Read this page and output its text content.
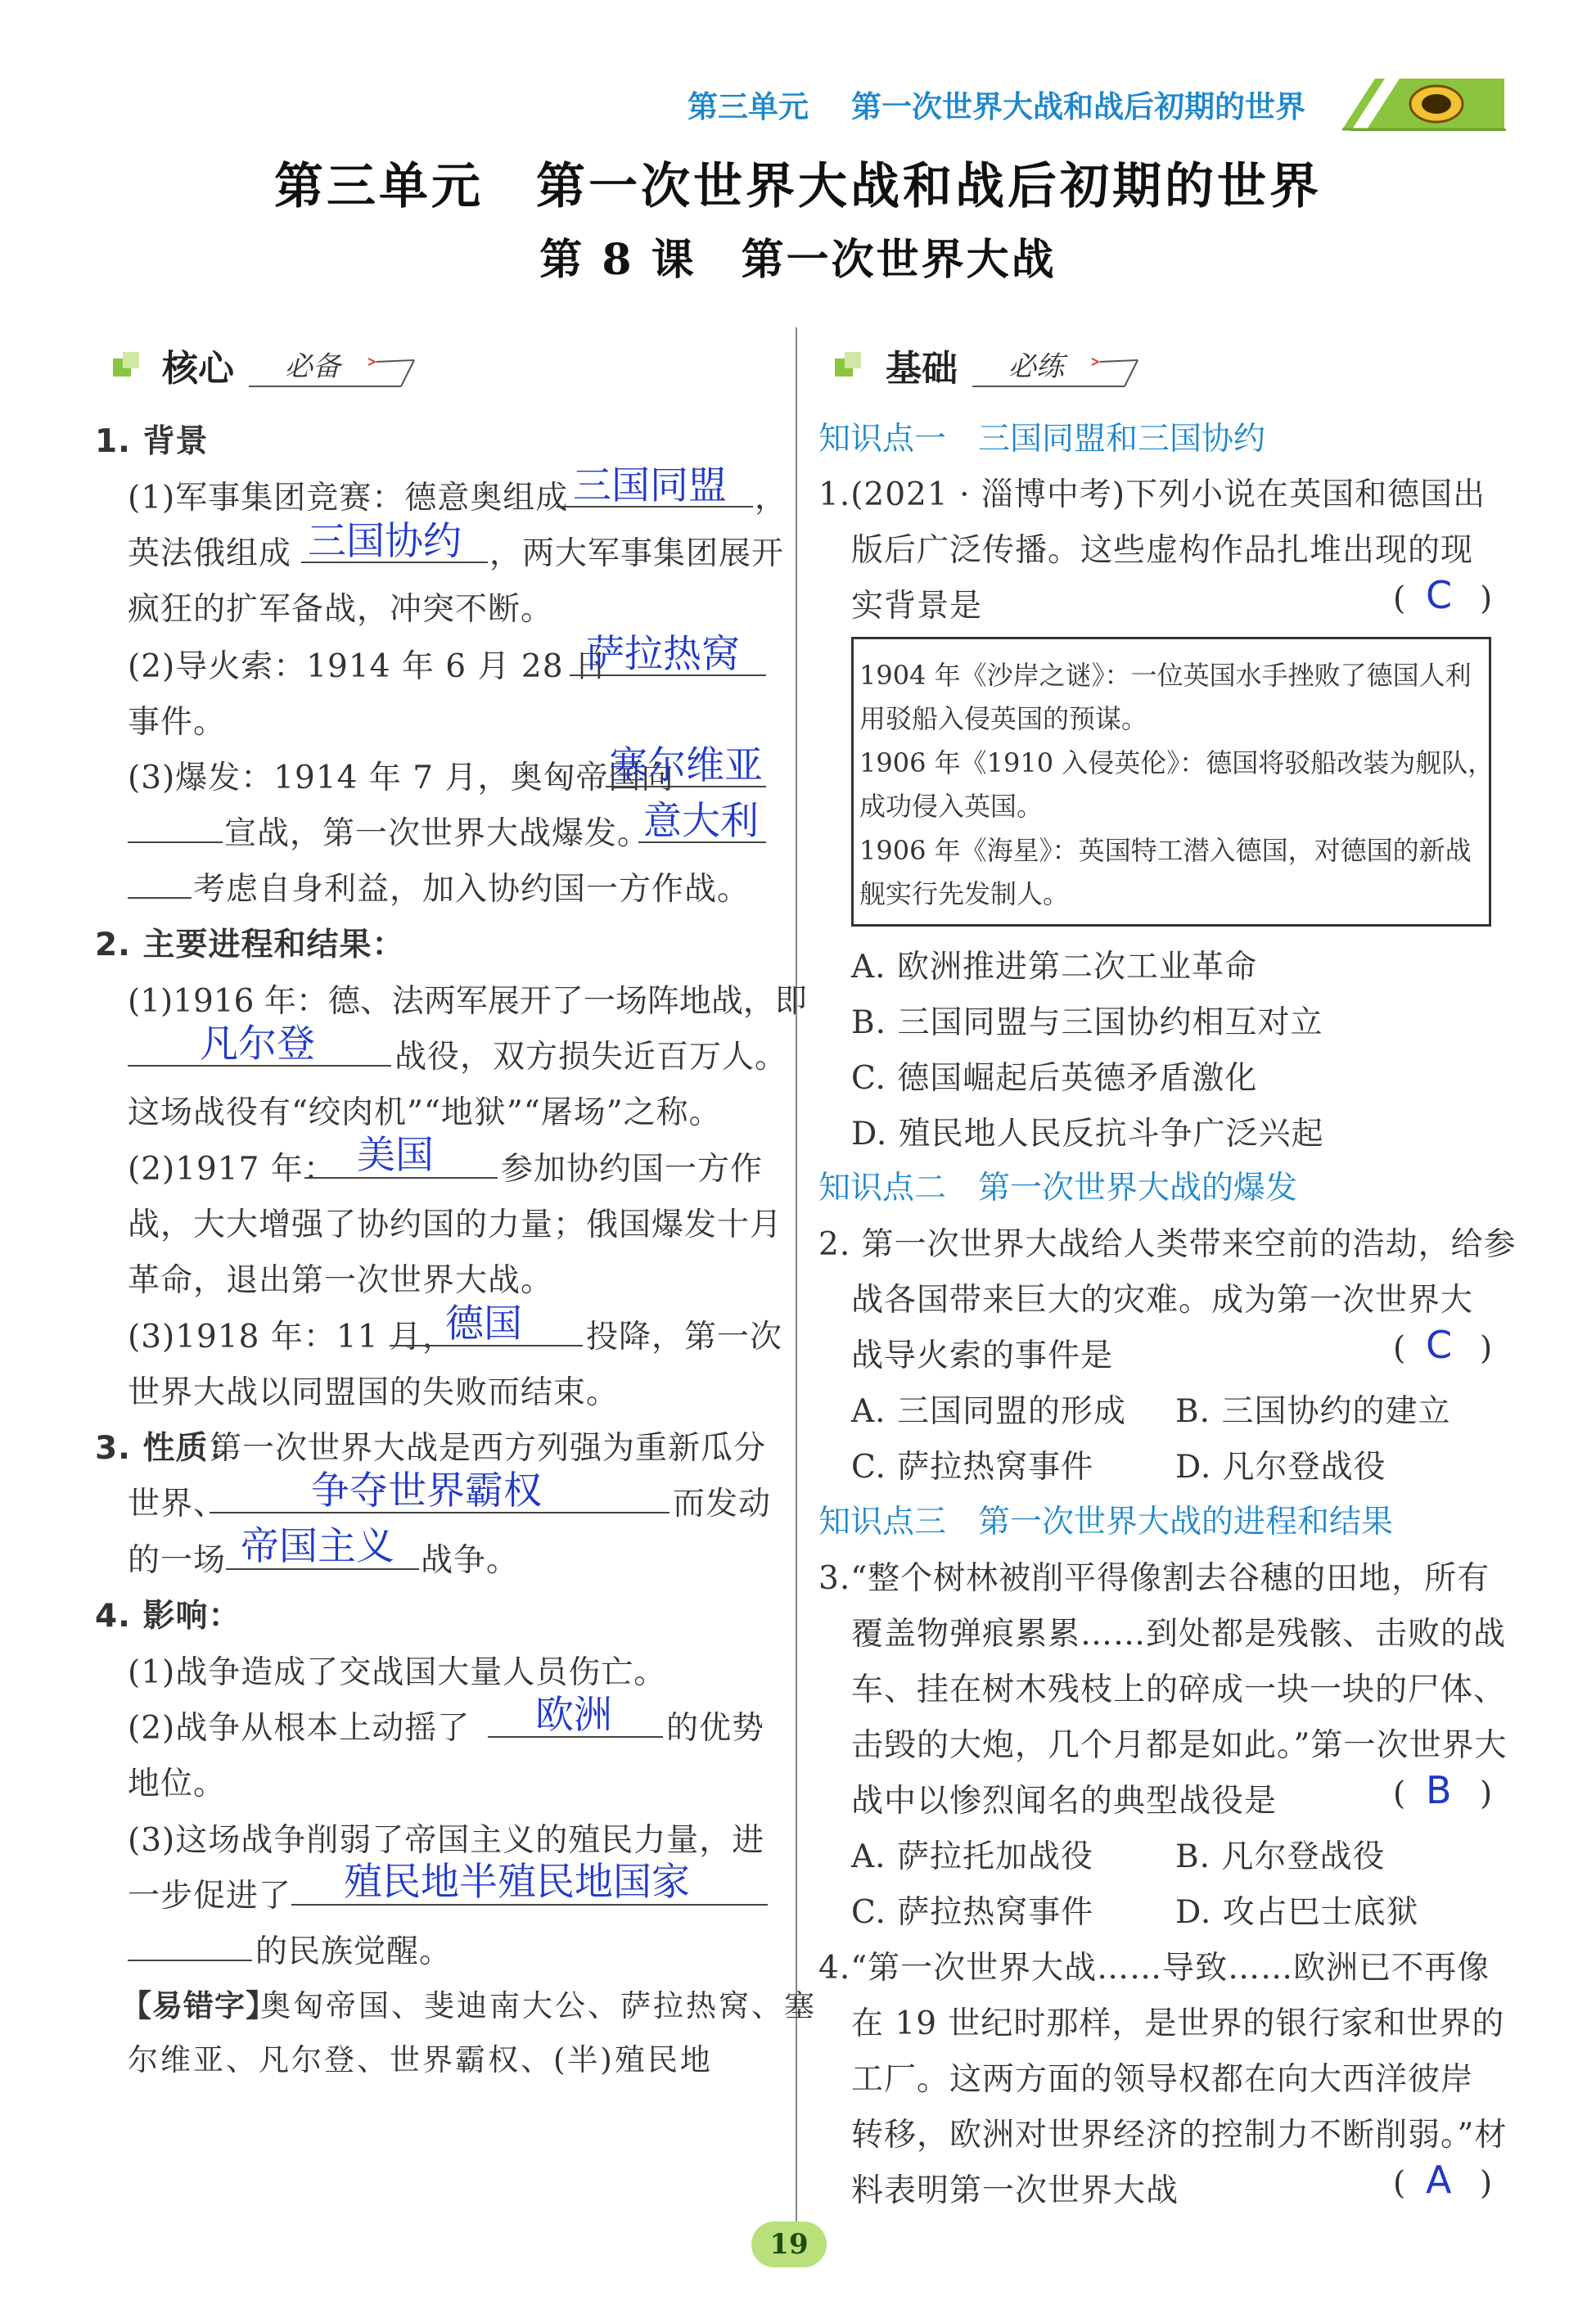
第三单元 第一次世界大战和战后初期的世界
第三单元　第一次世界大战和战后初期的世界
第 8 课　第一次世界大战
核心 必备
1. 背景
(1)军事集团竞赛：德意奥组成 三国同盟 ，
英法俄组成 三国协约 ，两大军事集团展开
疯狂的扩军备战，冲突不断。
(2)导火索：1914 年 6 月 28 日
萨拉热窝
事件。
(3)爆发：1914 年 7 月，奥匈帝国向
塞尔维亚
宣战，第一次世界大战爆发。
意大利
考虑自身利益，加入协约国一方作战。
2. 主要进程和结果：
(1)1916 年：德、法两军展开了一场阵地战，即
凡尔登 战役，双方损失近百万人。
这场战役有“绞肉机”“地狱”“屠场”之称。
(2)1917 年： 美国 参加协约国一方作
战，大大增强了协约国的力量；俄国爆发十月
革命，退出第一次世界大战。
(3)1918 年：11 月，
德国 投降，第一次
世界大战以同盟国的失败而结束。
3. 性质：
第一次世界大战是西方列强为重新瓜分
世界、 争夺世界霸权	而发动
的一场 帝国主义 战争。
4. 影响：
(1)战争造成了交战国大量人员伤亡。
(2)战争从根本上动摇了 欧洲 的优势
地位。
(3)这场战争削弱了帝国主义的殖民力量，进
一步促进了 殖民地半殖民地国家
的民族觉醒。
【易错字】
奥匈帝国、斐迪南大公、萨拉热窝、塞
尔维亚、凡尔登、世界霸权、(半)殖民地
基础 必练
知识点一　三国同盟和三国协约
1.(2021 · 淄博中考)下列小说在英国和德国出
版后广泛传播。这些虚构作品扎堆出现的现
实背景是	( C )
1904 年《沙岸之谜》：一位英国水手挫败了德国人利
用驳船入侵英国的预谋。
1906 年《1910 入侵英伦》：德国将驳船改装为舰队，
成功侵入英国。
1906 年《海星》：英国特工潜入德国，对德国的新战
舰实行先发制人。
A. 欧洲推进第二次工业革命
B. 三国同盟与三国协约相互对立
C. 德国崛起后英德矛盾激化
D. 殖民地人民反抗斗争广泛兴起
知识点二　第一次世界大战的爆发
2. 第一次世界大战给人类带来空前的浩劫，给参
战各国带来巨大的灾难。成为第一次世界大
战导火索的事件是	( C )
A. 三国同盟的形成 B. 三国协约的建立
C. 萨拉热窝事件	D. 凡尔登战役
知识点三　第一次世界大战的进程和结果
3.“整个树林被削平得像割去谷穗的田地，所有
覆盖物弹痕累累……到处都是残骸、击败的战
车、挂在树木残枝上的碎成一块一块的尸体、
击毁的大炮，几个月都是如此。”第一次世界大
战中以惨烈闻名的典型战役是	( B )
A. 萨拉托加战役	B. 凡尔登战役
C. 萨拉热窝事件	D. 攻占巴士底狱
4.“第一次世界大战……导致……欧洲已不再像
在 19 世纪时那样，是世界的银行家和世界的
工厂。这两方面的领导权都在向大西洋彼岸
转移，欧洲对世界经济的控制力不断削弱。”材
料表明第一次世界大战	( A )
19
